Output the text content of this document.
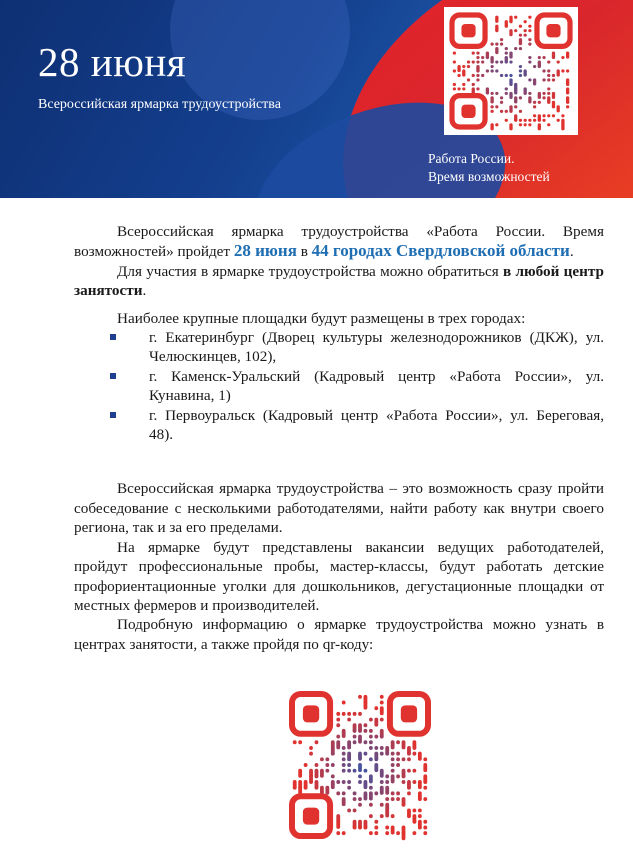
28 июня
Всероссийская ярмарка трудоустройства
Работа России.
Время возможностей

Всероссийская ярмарка трудоустройства «Работа России. Время возможностей» пройдет 28 июня в 44 городах Свердловской области.

Для участия в ярмарке трудоустройства можно обратиться в любой центр занятости.

Наиболее крупные площадки будут размещены в трех городах:

г. Екатеринбург (Дворец культуры железнодорожников (ДКЖ), ул. Челюскинцев, 102),
г. Каменск-Уральский (Кадровый центр «Работа России», ул. Кунавина, 1)
г. Первоуральск (Кадровый центр «Работа России», ул. Береговая, 48).

Всероссийская ярмарка трудоустройства – это возможность сразу пройти собеседование с несколькими работодателями, найти работу как внутри своего региона, так и за его пределами.

На ярмарке будут представлены вакансии ведущих работодателей, пройдут профессиональные пробы, мастер-классы, будут работать детские профориентационные уголки для дошкольников, дегустационные площадки от местных фермеров и производителей.

Подробную информацию о ярмарке трудоустройства можно узнать в центрах занятости, а также пройдя по qr-коду:
